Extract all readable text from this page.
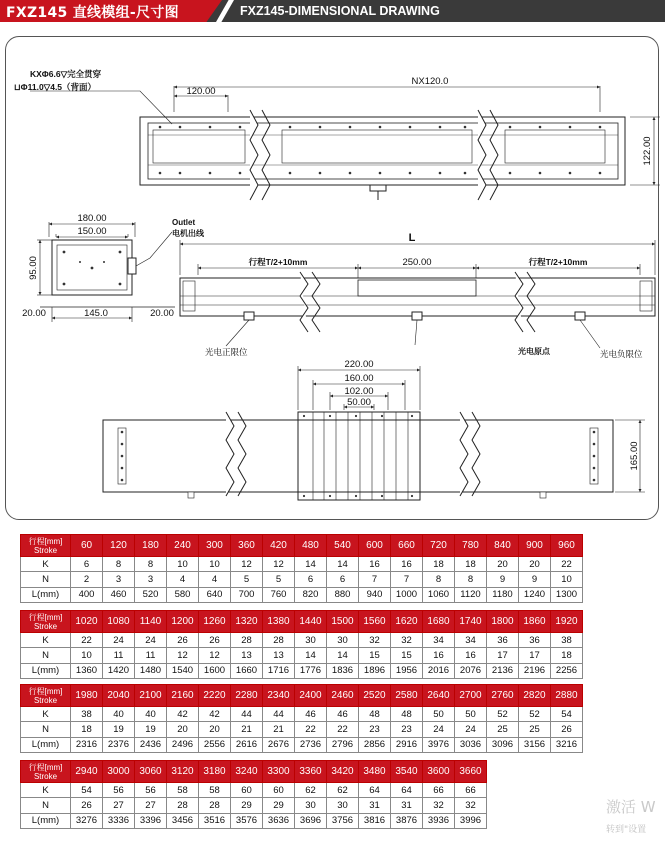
FXZ145 直线模组-尺寸图	FXZ145-DIMENSIONAL DRAWING
KXΦ6.6▽完全贯穿
⊔Φ11.0▽4.5（背面）	NX120.0
120.00
122.00
180.00
150.00
95.00
20.00	145.0	20.00
Outlet
电机出线	L
行程T/2+10mm	250.00	行程T/2+10mm
光电正限位	光电原点	光电负限位
220.00
160.00
102.00
50.00
165.00
行程[mm]
Stroke	60	120	180	240	300	360	420	480	540	600	660	720	780	840	900	960
K	6	8	8	10	10	12	12	14	14	16	16	18	18	20	20	22
N	2	3	3	4	4	5	5	6	6	7	7	8	8	9	9	10
L(mm)	400	460	520	580	640	700	760	820	880	940	1000	1060	1120	1180	1240	1300
行程[mm]
Stroke	1020	1080	1140	1200	1260	1320	1380	1440	1500	1560	1620	1680	1740	1800	1860	1920
K	22	24	24	26	26	28	28	30	30	32	32	34	34	36	36	38
N	10	11	11	12	12	13	13	14	14	15	15	16	16	17	17	18
L(mm)	1360	1420	1480	1540	1600	1660	1716	1776	1836	1896	1956	2016	2076	2136	2196	2256
行程[mm]
Stroke	1980	2040	2100	2160	2220	2280	2340	2400	2460	2520	2580	2640	2700	2760	2820	2880
K	38	40	40	42	42	44	44	46	46	48	48	50	50	52	52	54
N	18	19	19	20	20	21	21	22	22	23	23	24	24	25	25	26
L(mm)	2316	2376	2436	2496	2556	2616	2676	2736	2796	2856	2916	3976	3036	3096	3156	3216
行程[mm]
Stroke	2940	3000	3060	3120	3180	3240	3300	3360	3420	3480	3540	3600	3660
K	54	56	56	58	58	60	60	62	62	64	64	66	66
N	26	27	27	28	28	29	29	30	30	31	31	32	32
L(mm)	3276	3336	3396	3456	3516	3576	3636	3696	3756	3816	3876	3936	3996
激活 W
转到"设置
